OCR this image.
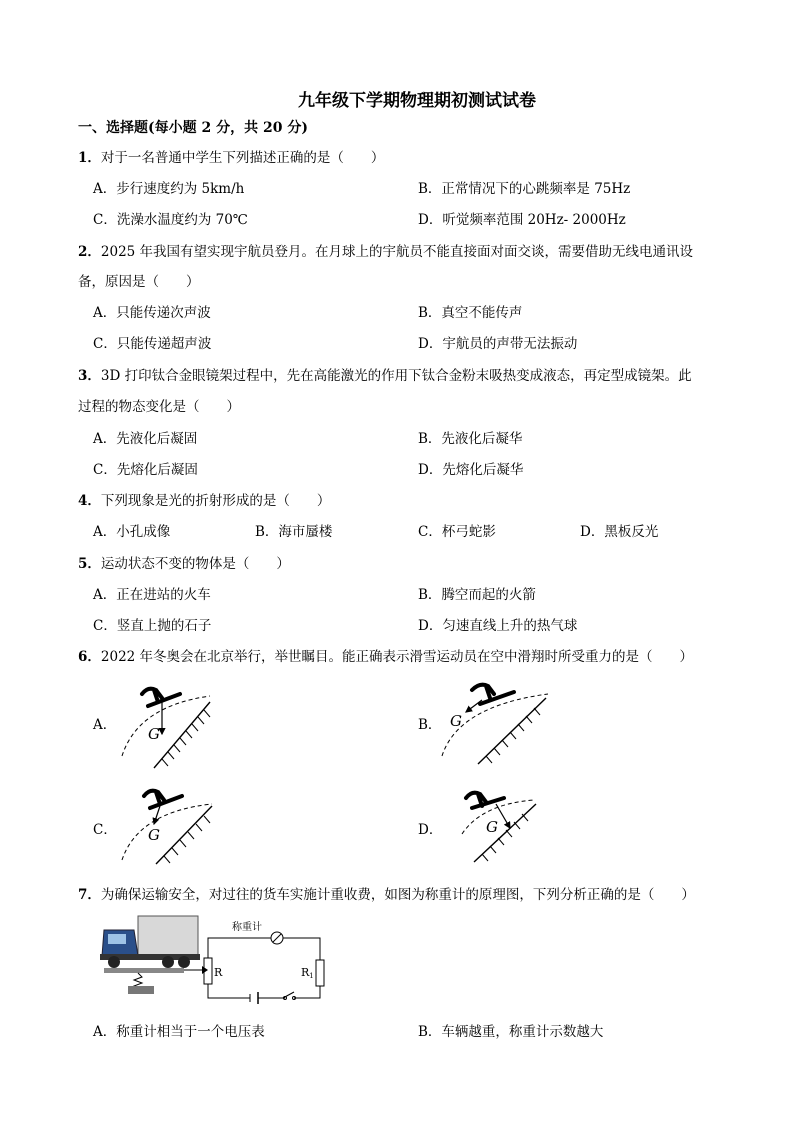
九年级下学期物理期初测试试卷
一、选择题(每小题 2 分，共 20 分)
1．对于一名普通中学生下列描述正确的是（　　）
A．步行速度约为 5km/h	B．正常情况下的心跳频率是 75Hz
C．洗澡水温度约为 70℃	D．听觉频率范围 20Hz- 2000Hz
2．2025 年我国有望实现宇航员登月。在月球上的宇航员不能直接面对面交谈，需要借助无线电通讯设
备，原因是（　　）
A．只能传递次声波	B．真空不能传声
C．只能传递超声波	D．宇航员的声带无法振动
3．3D 打印钛合金眼镜架过程中，先在高能激光的作用下钛合金粉末吸热变成液态，再定型成镜架。此
过程的物态变化是（　　）
A．先液化后凝固	B．先液化后凝华
C．先熔化后凝固	D．先熔化后凝华
4．下列现象是光的折射形成的是（　　）
A．小孔成像	B．海市蜃楼	C．杯弓蛇影	D．黑板反光
5．运动状态不变的物体是（　　）
A．正在进站的火车	B．腾空而起的火箭
C．竖直上抛的石子	D．匀速直线上升的热气球
6．2022 年冬奥会在北京举行，举世瞩目。能正确表示滑雪运动员在空中滑翔时所受重力的是（　　）
A．	B．
C．	D．
G
G
G	G
7．为确保运输安全，对过往的货车实施计重收费，如图为称重计的原理图，下列分析正确的是（　　）
称重计
R	R1
A．称重计相当于一个电压表	B．车辆越重，称重计示数越大
